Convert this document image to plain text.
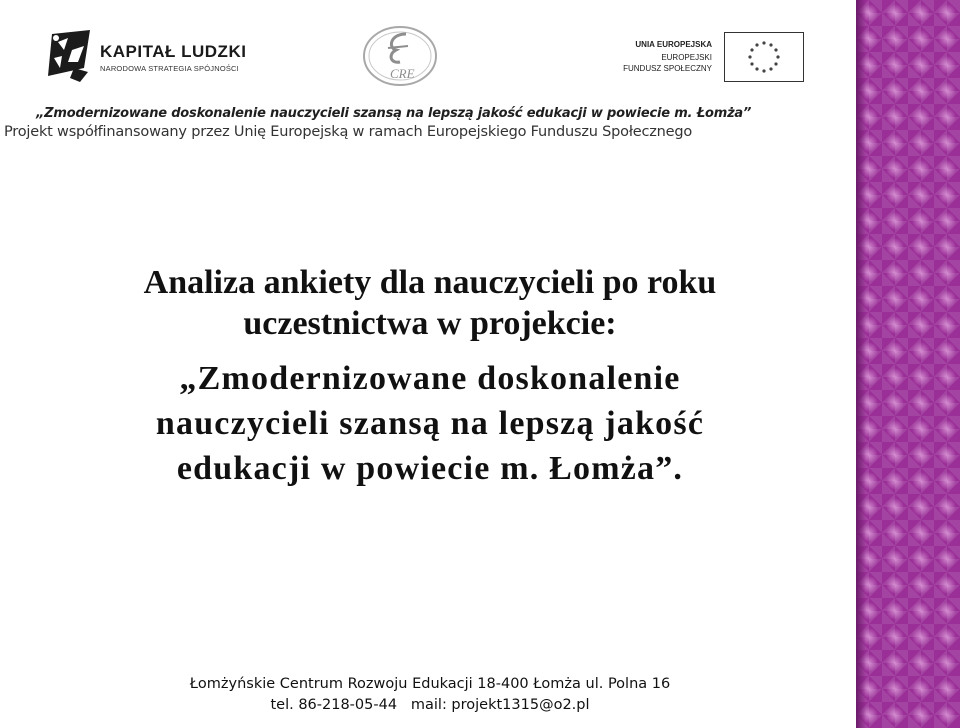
KAPITAŁ LUDZKI
NARODOWA STRATEGIA SPÓJNOŚCI	CRE
UNIA EUROPEJSKA
EUROPEJSKI
FUNDUSZ SPOŁECZNY
„Zmodernizowane doskonalenie nauczycieli szansą na lepszą jakość edukacji w powiecie m. Łomża”
Projekt współfinansowany przez Unię Europejską w ramach Europejskiego Funduszu Społecznego
Analiza ankiety dla nauczycieli po roku
uczestnictwa w projekcie:
„Zmodernizowane doskonalenie
nauczycieli szansą na lepszą jakość
edukacji w powiecie m. Łomża”.
Łomżyńskie Centrum Rozwoju Edukacji 18-400 Łomża ul. Polna 16
tel. 86-218-05-44   mail: projekt1315@o2.pl
